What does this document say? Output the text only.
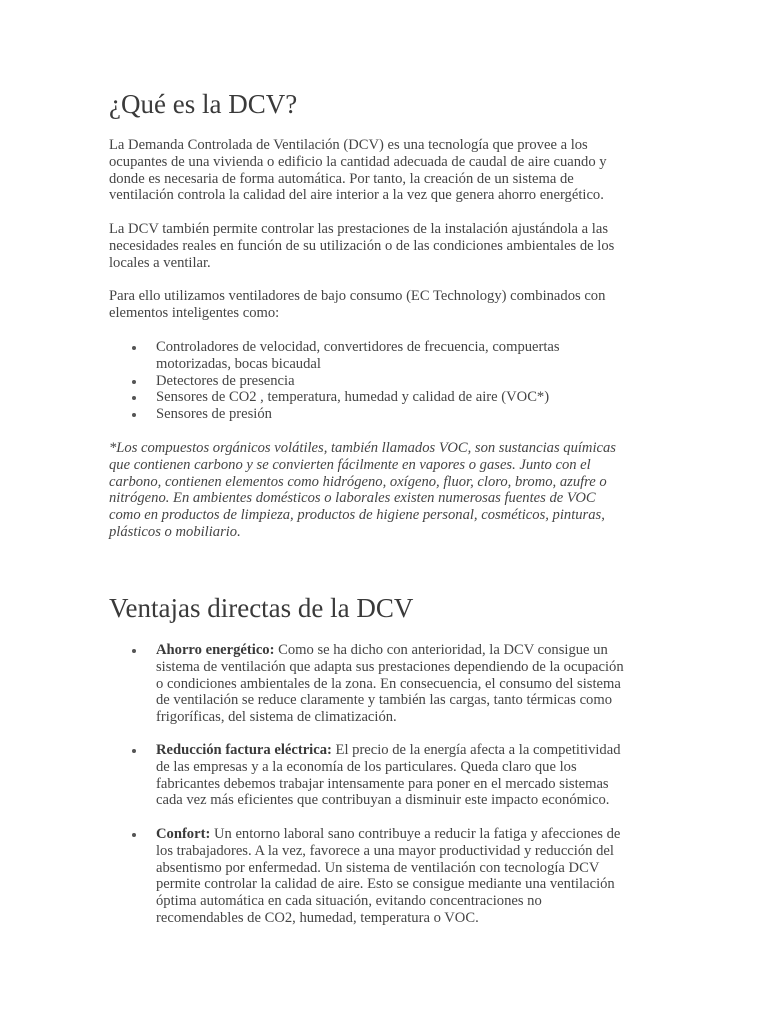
¿Qué es la DCV?

La Demanda Controlada de Ventilación (DCV) es una tecnología que provee a los
ocupantes de una vivienda o edificio la cantidad adecuada de caudal de aire cuando y
donde es necesaria de forma automática. Por tanto, la creación de un sistema de
ventilación controla la calidad del aire interior a la vez que genera ahorro energético.

La DCV también permite controlar las prestaciones de la instalación ajustándola a las
necesidades reales en función de su utilización o de las condiciones ambientales de los
locales a ventilar.

Para ello utilizamos ventiladores de bajo consumo (EC Technology) combinados con
elementos inteligentes como:

Controladores de velocidad, convertidores de frecuencia, compuertas
motorizadas, bocas bicaudal
Detectores de presencia
Sensores de CO2 , temperatura, humedad y calidad de aire (VOC*)
Sensores de presión

*Los compuestos orgánicos volátiles, también llamados VOC, son sustancias químicas
que contienen carbono y se convierten fácilmente en vapores o gases. Junto con el
carbono, contienen elementos como hidrógeno, oxígeno, fluor, cloro, bromo, azufre o
nitrógeno. En ambientes domésticos o laborales existen numerosas fuentes de VOC
como en productos de limpieza, productos de higiene personal, cosméticos, pinturas,
plásticos o mobiliario.

Ventajas directas de la DCV
Ahorro energético: Como se ha dicho con anterioridad, la DCV consigue un
sistema de ventilación que adapta sus prestaciones dependiendo de la ocupación
o condiciones ambientales de la zona. En consecuencia, el consumo del sistema
de ventilación se reduce claramente y también las cargas, tanto térmicas como
frigoríficas, del sistema de climatización.
Reducción factura eléctrica: El precio de la energía afecta a la competitividad
de las empresas y a la economía de los particulares. Queda claro que los
fabricantes debemos trabajar intensamente para poner en el mercado sistemas
cada vez más eficientes que contribuyan a disminuir este impacto económico.
Confort: Un entorno laboral sano contribuye a reducir la fatiga y afecciones de
los trabajadores. A la vez, favorece a una mayor productividad y reducción del
absentismo por enfermedad. Un sistema de ventilación con tecnología DCV
permite controlar la calidad de aire. Esto se consigue mediante una ventilación
óptima automática en cada situación, evitando concentraciones no
recomendables de CO2, humedad, temperatura o VOC.
